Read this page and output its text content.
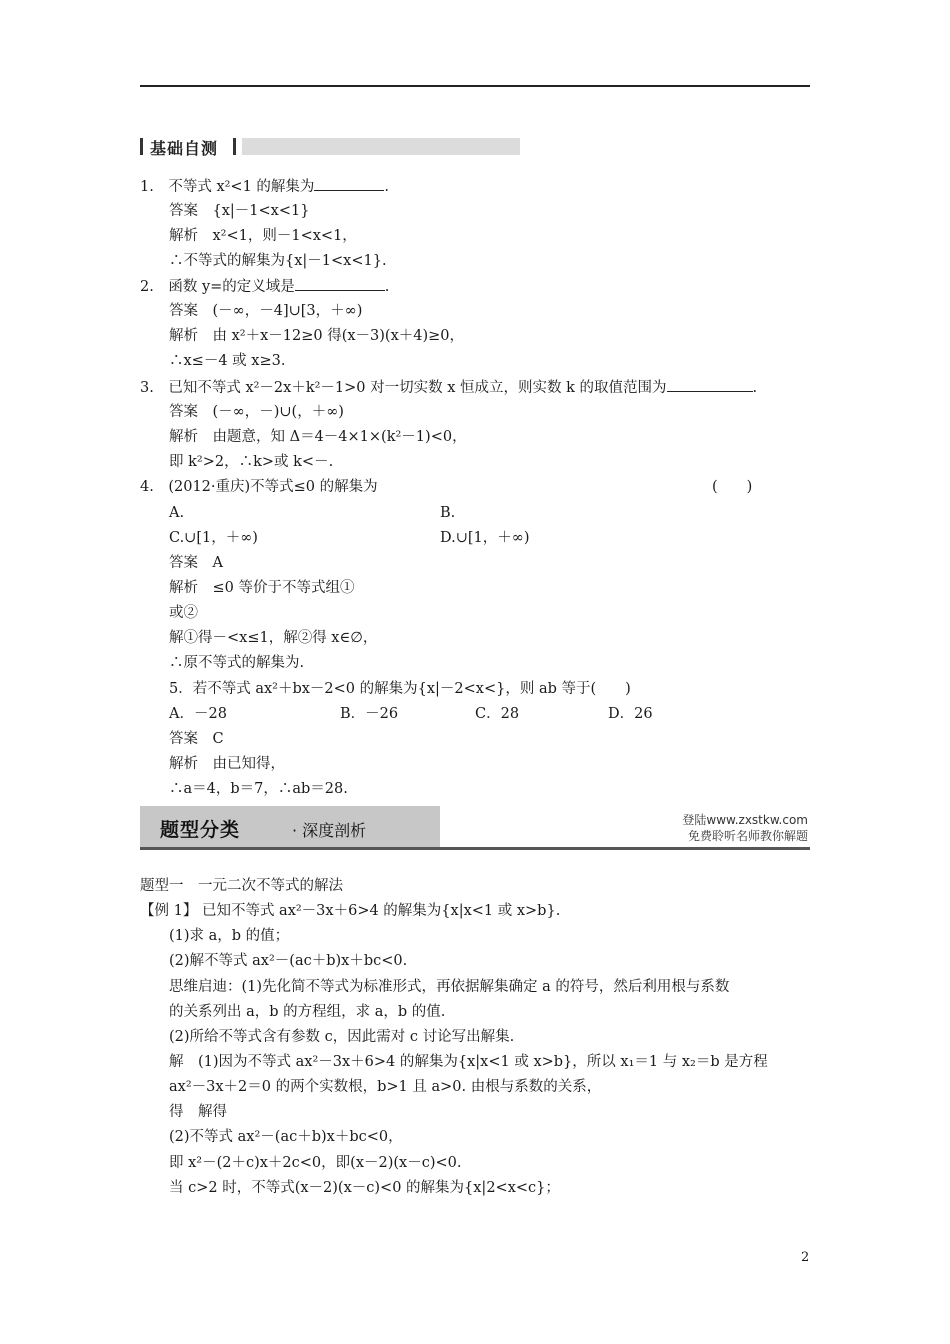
基础自测
1.　不等式 x²<1 的解集为	.
　　答案　{x|－1<x<1}
　　解析　x²<1，则－1<x<1，
　　∴不等式的解集为{x|－1<x<1}.
2.　函数 y=的定义域是	.
　　答案　(－∞，－4]∪[3，＋∞)
　　解析　由 x²＋x－12≥0 得(x－3)(x＋4)≥0，
　　∴x≤－4 或 x≥3.
3.　已知不等式 x²－2x＋k²－1>0 对一切实数 x 恒成立，则实数 k 的取值范围为	.
　　答案　(－∞，－)∪(，＋∞)
　　解析　由题意，知 Δ＝4－4×1×(k²－1)<0，
　　即 k²>2，∴k>或 k<－.
4.　(2012·重庆)不等式≤0 的解集为	(　　)
　　A.	B.
　　C.∪[1，＋∞)	D.∪[1，＋∞)
　　答案　A
　　解析　≤0 等价于不等式组①
　　或②
　　解①得－<x≤1，解②得 x∈∅，
　　∴原不等式的解集为.
　　5．若不等式 ax²＋bx－2<0 的解集为{x|－2<x<}，则 ab 等于(　　)
　　A．－28	B．－26	C．28	D．26
　　答案　C
　　解析　由已知得，
　　∴a＝4，b＝7，∴ab＝28.
题型分类	· 深度剖析
登陆www.zxstkw.com
免费聆听名师教你解题
题型一　一元二次不等式的解法
【例 1】 已知不等式 ax²－3x＋6>4 的解集为{x|x<1 或 x>b}.
　　(1)求 a，b 的值；
　　(2)解不等式 ax²－(ac＋b)x＋bc<0.
　　思维启迪：(1)先化简不等式为标准形式，再依据解集确定 a 的符号，然后利用根与系数
　　的关系列出 a，b 的方程组，求 a，b 的值.
　　(2)所给不等式含有参数 c，因此需对 c 讨论写出解集.
　　解　(1)因为不等式 ax²－3x＋6>4 的解集为{x|x<1 或 x>b}，所以 x₁＝1 与 x₂＝b 是方程
　　ax²－3x＋2＝0 的两个实数根，b>1 且 a>0. 由根与系数的关系，
　　得　解得
　　(2)不等式 ax²－(ac＋b)x＋bc<0，
　　即 x²－(2＋c)x＋2c<0，即(x－2)(x－c)<0.
　　当 c>2 时，不等式(x－2)(x－c)<0 的解集为{x|2<x<c}；
2
